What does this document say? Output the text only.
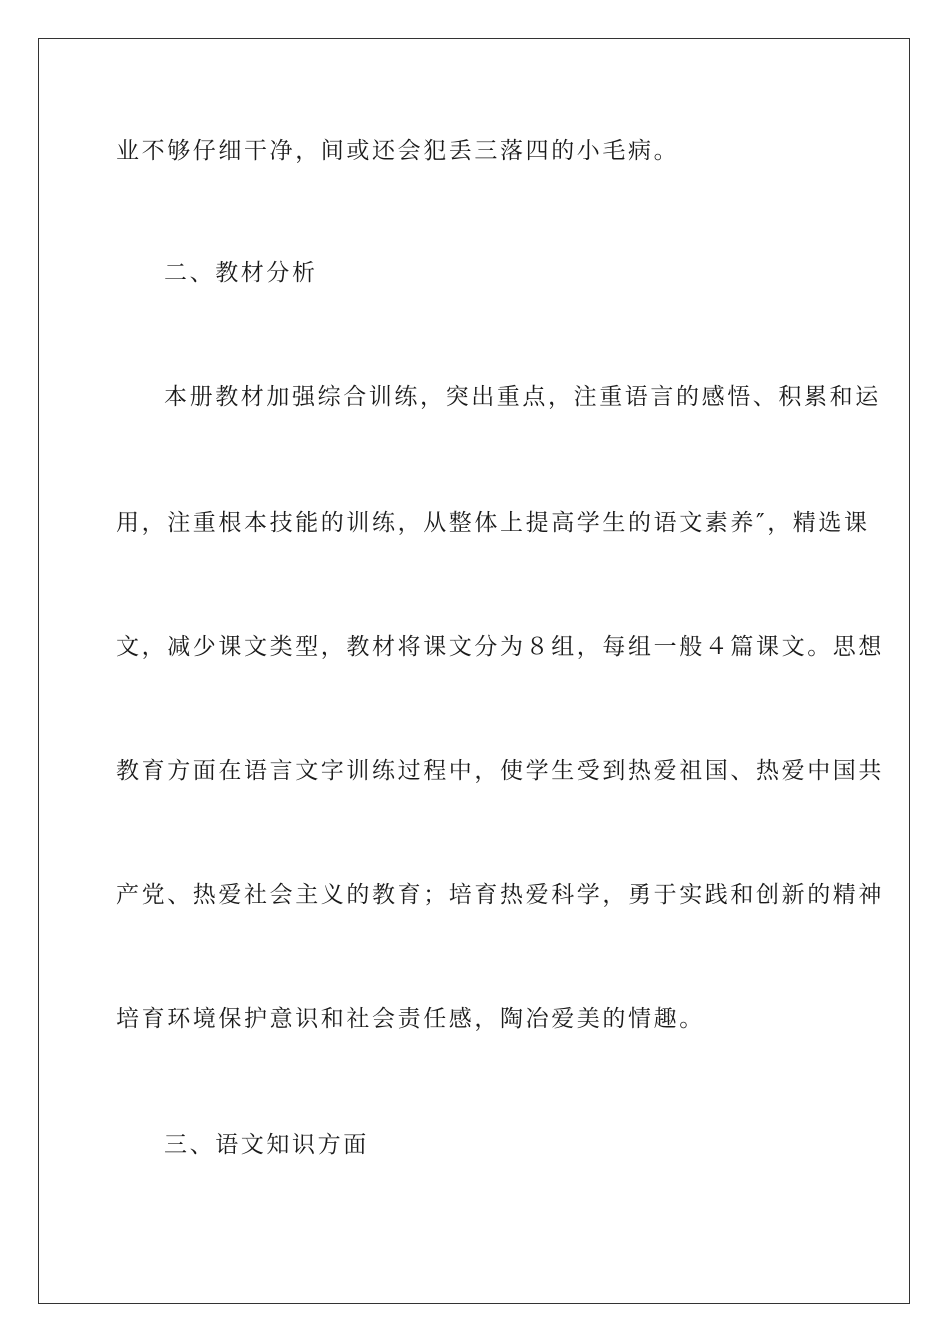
业不够仔细干净，间或还会犯丢三落四的小毛病。
二、教材分析
本册教材加强综合训练，突出重点，注重语言的感悟、积累和运
用，注重根本技能的训练，从整体上提高学生的语文素养″，精选课
文，减少课文类型，教材将课文分为８组，每组一般４篇课文。思想
教育方面在语言文字训练过程中，使学生受到热爱祖国、热爱中国共
产党、热爱社会主义的教育；培育热爱科学，勇于实践和创新的精神
培育环境保护意识和社会责任感，陶冶爱美的情趣。
三、语文知识方面
